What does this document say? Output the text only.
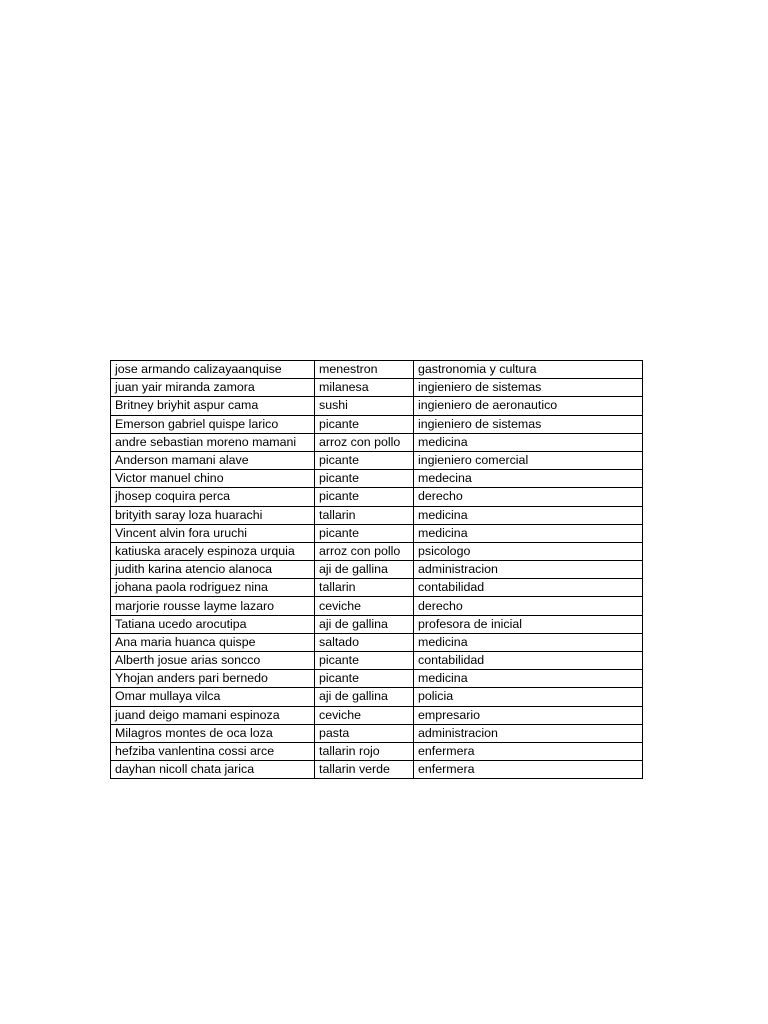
jose armando calizayaanquise	menestron	gastronomia y cultura
juan yair miranda zamora	milanesa	ingieniero de sistemas
Britney briyhit aspur cama	sushi	ingieniero de aeronautico
Emerson gabriel quispe larico	picante	ingieniero de sistemas
andre sebastian moreno mamani	arroz con pollo	medicina
Anderson mamani alave	picante	ingieniero comercial
Victor manuel chino	picante	medecina
jhosep coquira perca	picante	derecho
brityith saray loza huarachi	tallarin	medicina
Vincent alvin fora uruchi	picante	medicina
katiuska aracely espinoza urquia	arroz con pollo	psicologo
judith karina atencio alanoca	aji de gallina	administracion
johana paola rodriguez nina	tallarin	contabilidad
marjorie rousse layme lazaro	ceviche	derecho
Tatiana ucedo arocutipa	aji de gallina	profesora de inicial
Ana maria huanca quispe	saltado	medicina
Alberth josue arias soncco	picante	contabilidad
Yhojan anders pari bernedo	picante	medicina
Omar mullaya vilca	aji de gallina	policia
juand deigo mamani espinoza	ceviche	empresario
Milagros montes de oca loza	pasta	administracion
hefziba vanlentina cossi arce	tallarin rojo	enfermera
dayhan nicoll chata jarica	tallarin verde	enfermera
